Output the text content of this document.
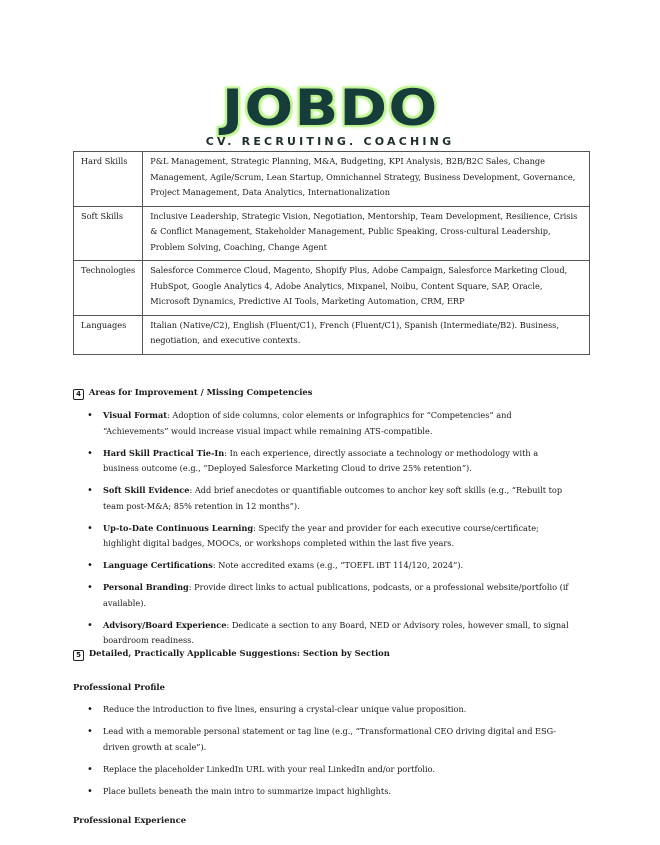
JOBDO
CV. RECRUITING. COACHING
Hard Skills	P&L Management, Strategic Planning, M&A, Budgeting, KPI Analysis, B2B/B2C Sales, Change Management, Agile/Scrum, Lean Startup, Omnichannel Strategy, Business Development, Governance, Project Management, Data Analytics, Internationalization
Soft Skills	Inclusive Leadership, Strategic Vision, Negotiation, Mentorship, Team Development, Resilience, Crisis & Conflict Management, Stakeholder Management, Public Speaking, Cross-cultural Leadership, Problem Solving, Coaching, Change Agent
Technologies	Salesforce Commerce Cloud, Magento, Shopify Plus, Adobe Campaign, Salesforce Marketing Cloud, HubSpot, Google Analytics 4, Adobe Analytics, Mixpanel, Noibu, Content Square, SAP, Oracle, Microsoft Dynamics, Predictive AI Tools, Marketing Automation, CRM, ERP
Languages	Italian (Native/C2), English (Fluent/C1), French (Fluent/C1), Spanish (Intermediate/B2). Business, negotiation, and executive contexts.
4 Areas for Improvement / Missing Competencies
• Visual Format: Adoption of side columns, color elements or infographics for “Competencies” and “Achievements” would increase visual impact while remaining ATS-compatible.
• Hard Skill Practical Tie-In: In each experience, directly associate a technology or methodology with a business outcome (e.g., “Deployed Salesforce Marketing Cloud to drive 25% retention”).
• Soft Skill Evidence: Add brief anecdotes or quantifiable outcomes to anchor key soft skills (e.g., “Rebuilt top team post-M&A; 85% retention in 12 months”).
• Up-to-Date Continuous Learning: Specify the year and provider for each executive course/certificate; highlight digital badges, MOOCs, or workshops completed within the last five years.
• Language Certifications: Note accredited exams (e.g., “TOEFL iBT 114/120, 2024”).
• Personal Branding: Provide direct links to actual publications, podcasts, or a professional website/portfolio (if available).
• Advisory/Board Experience: Dedicate a section to any Board, NED or Advisory roles, however small, to signal boardroom readiness.
5 Detailed, Practically Applicable Suggestions: Section by Section
Professional Profile
• Reduce the introduction to five lines, ensuring a crystal-clear unique value proposition.
• Lead with a memorable personal statement or tag line (e.g., “Transformational CEO driving digital and ESG-driven growth at scale”).
• Replace the placeholder LinkedIn URL with your real LinkedIn and/or portfolio.
• Place bullets beneath the main intro to summarize impact highlights.
Professional Experience
